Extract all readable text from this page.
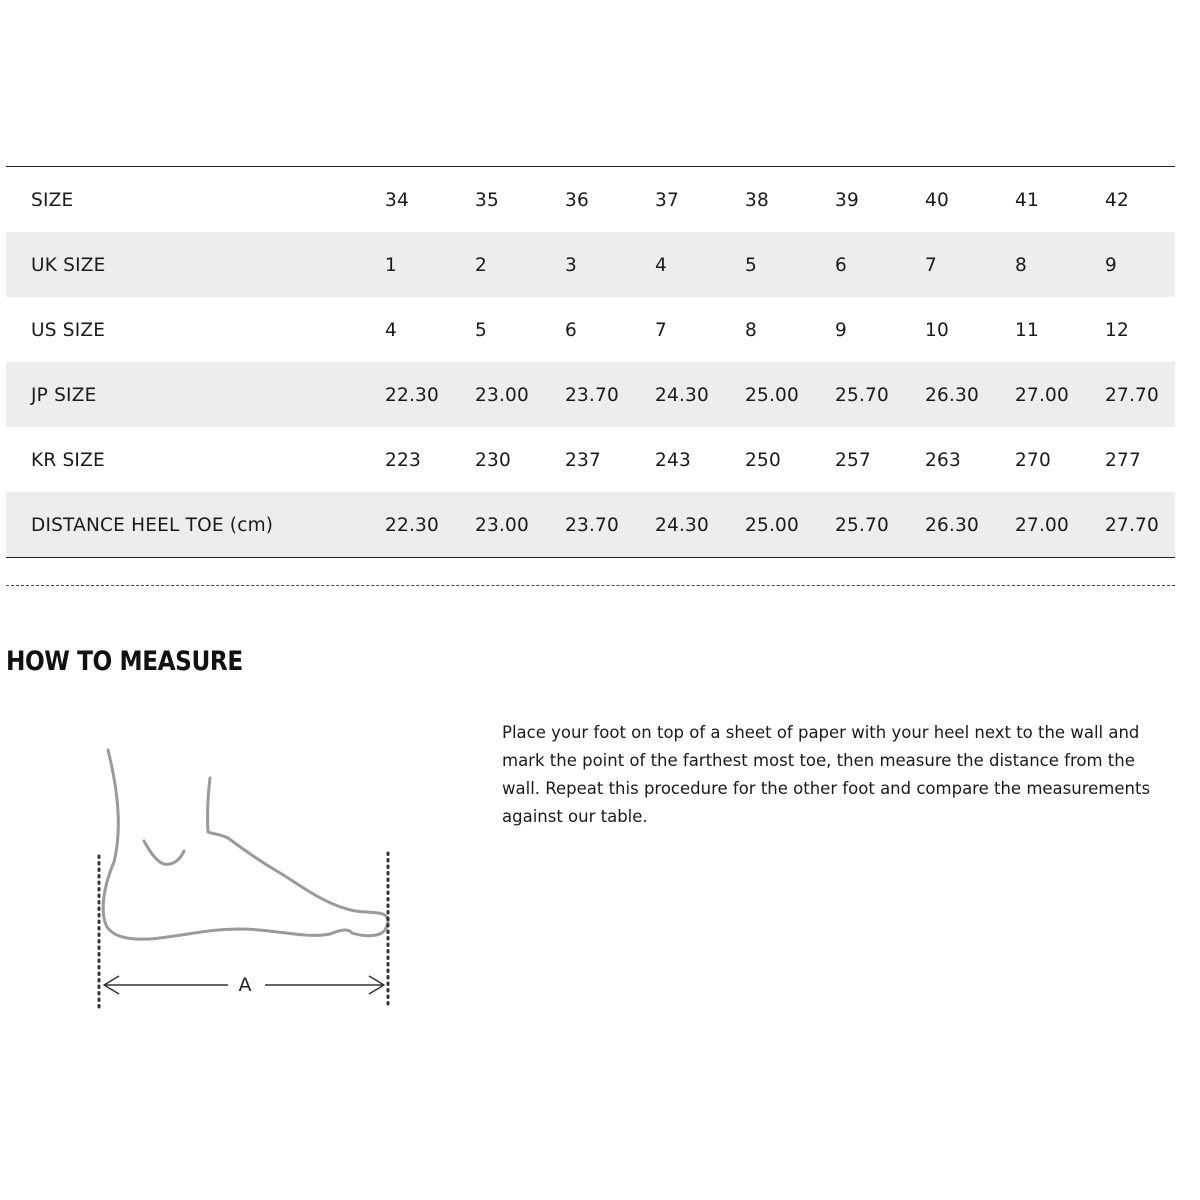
SIZE	34	35	36	37	38	39	40	41	42
UK SIZE	1	2	3	4	5	6	7	8	9
US SIZE	4	5	6	7	8	9	10	11	12
JP SIZE	22.30 23.00 23.70 24.30 25.00 25.70 26.30 27.00 27.70
KR SIZE	223	230	237	243	250	257	263	270	277
DISTANCE HEEL TOE (cm)	22.30 23.00 23.70 24.30 25.00 25.70 26.30 27.00 27.70
HOW TO MEASURE

Place your foot on top of a sheet of paper with your heel next to the wall and mark the point of the farthest most toe, then measure the distance from the wall. Repeat this procedure for the other foot and compare the measurements against our table.

A
